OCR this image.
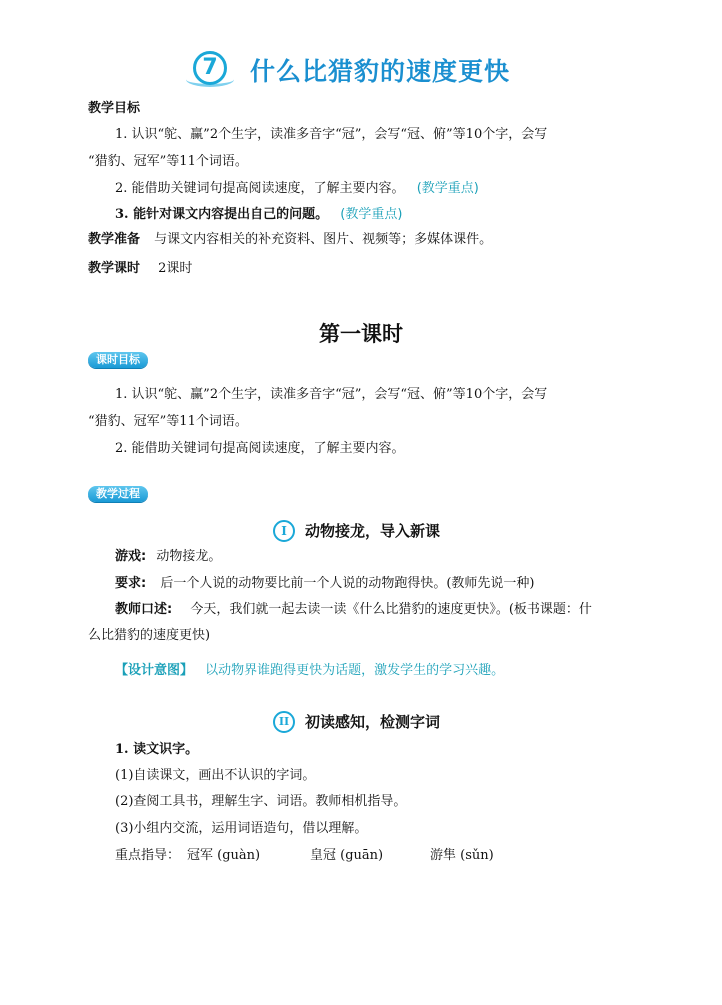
7	什么比猎豹的速度更快
教学目标
1. 认识“鸵、赢”2个生字，读准多音字“冠”，会写“冠、俯”等10个字，会写
“猎豹、冠军”等11个词语。
2. 能借助关键词句提高阅读速度，了解主要内容。 (教学重点)
3. 能针对课文内容提出自己的问题。 (教学重点)
教学准备 与课文内容相关的补充资料、图片、视频等；多媒体课件。
教学课时 2课时
第一课时
课时目标
1. 认识“鸵、赢”2个生字，读准多音字“冠”，会写“冠、俯”等10个字，会写
“猎豹、冠军”等11个词语。
2. 能借助关键词句提高阅读速度，了解主要内容。
教学过程
I	动物接龙，导入新课
游戏: 动物接龙。
要求: 后一个人说的动物要比前一个人说的动物跑得快。(教师先说一种)
教师口述: 今天，我们就一起去读一读《什么比猎豹的速度更快》。(板书课题：什
么比猎豹的速度更快)
【设计意图】 以动物界谁跑得更快为话题，激发学生的学习兴趣。
II	初读感知，检测字词
1. 读文识字。
(1)自读课文，画出不认识的字词。
(2)查阅工具书，理解生字、词语。教师相机指导。
(3)小组内交流，运用词语造句，借以理解。
重点指导： 冠军 (guàn)	皇冠 (guān)	游隼 (sǔn)
